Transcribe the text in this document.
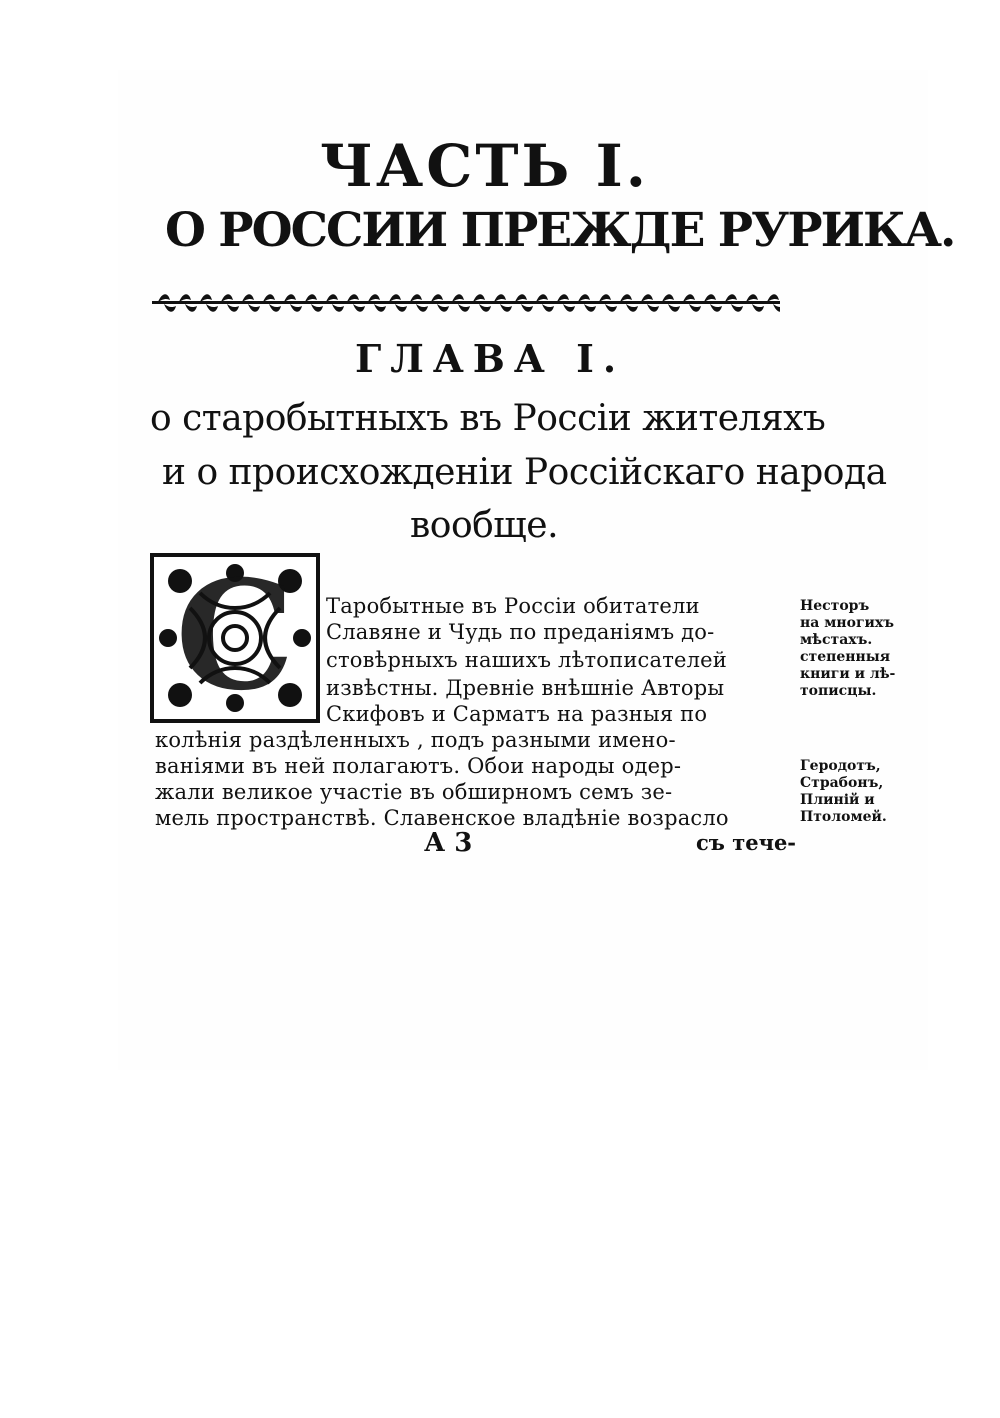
ЧАСТЬ I.
О РОССИИ ПРЕЖДЕ РУРИКА.
ГЛАВА I.
о старобытныхъ въ Россiи жителяхъ
и о происхожденiи Россiйскаго народа
вообще.
С Таробытные въ Россiи обитатели
Славяне и Чудь по преданiямъ до-
стовѣрныхъ нашихъ лѣтописателей
извѣстны. Древнiе внѣшнiе Авторы
Скифовъ и Сарматъ на разныя по
колѣнiя раздѣленныхъ , подъ разными имено-
ванiями въ ней полагаютъ. Обои народы одер-
жали великое участiе въ обширномъ семъ зе-
мель пространствѣ. Славенское владѣнiе возрасло
Несторъ
на многихъ
мѣстахъ.
степенныя
книги и лѣ-
тописцы.
Геродотъ,
Страбонъ,
Плинiй и
Птоломей.
А 3	съ тече-
